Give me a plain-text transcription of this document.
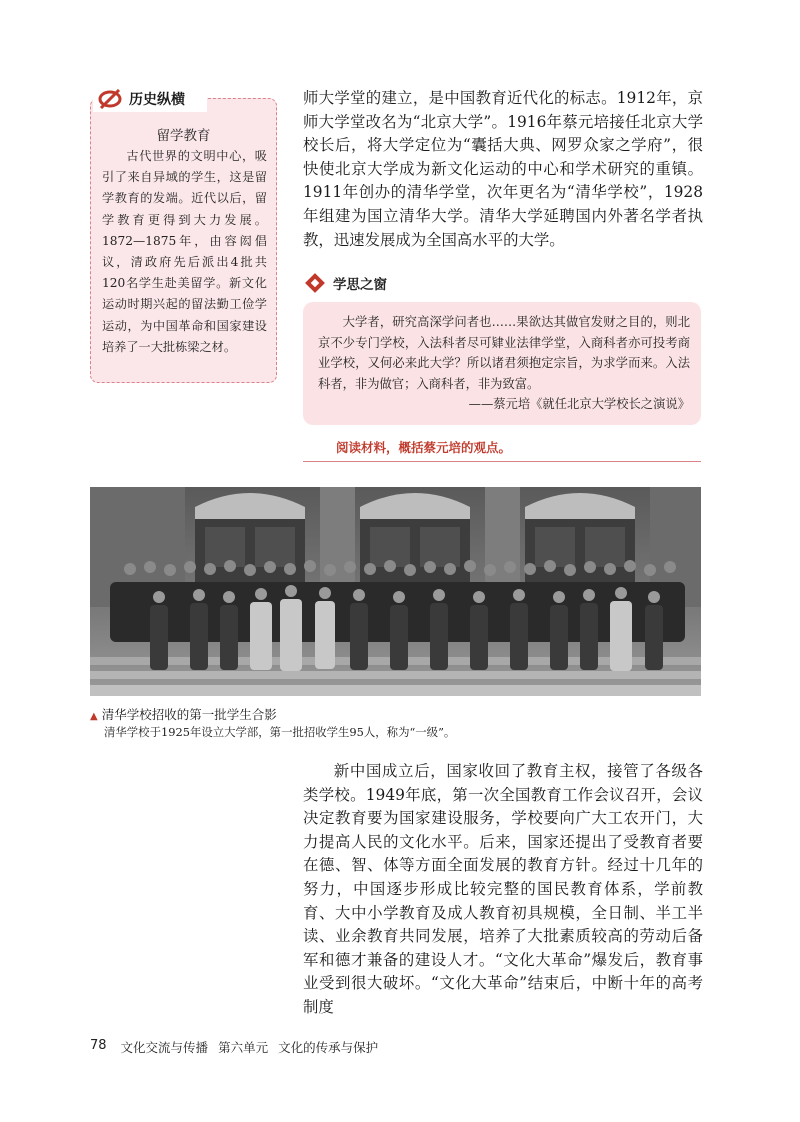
历史纵横
留学教育
古代世界的文明中心，吸引了来自异域的学生，这是留学教育的发端。近代以后，留学教育更得到大力发展。1872—1875年，由容闳倡议，清政府先后派出4批共120名学生赴美留学。新文化运动时期兴起的留法勤工俭学运动，为中国革命和国家建设培养了一大批栋梁之材。
师大学堂的建立，是中国教育近代化的标志。1912年，京师大学堂改名为“北京大学”。1916年蔡元培接任北京大学校长后，将大学定位为“囊括大典、网罗众家之学府”，很快使北京大学成为新文化运动的中心和学术研究的重镇。1911年创办的清华学堂，次年更名为“清华学校”，1928年组建为国立清华大学。清华大学延聘国内外著名学者执教，迅速发展成为全国高水平的大学。
学思之窗
大学者，研究高深学问者也……果欲达其做官发财之目的，则北京不少专门学校，入法科者尽可肄业法律学堂，入商科者亦可投考商业学校，又何必来此大学？所以诸君须抱定宗旨，为求学而来。入法科者，非为做官；入商科者，非为致富。
——蔡元培《就任北京大学校长之演说》
阅读材料，概括蔡元培的观点。
▲ 清华学校招收的第一批学生合影
清华学校于1925年设立大学部，第一批招收学生95人，称为“一级”。
新中国成立后，国家收回了教育主权，接管了各级各类学校。1949年底，第一次全国教育工作会议召开，会议决定教育要为国家建设服务，学校要向广大工农开门，大力提高人民的文化水平。后来，国家还提出了受教育者要在德、智、体等方面全面发展的教育方针。经过十几年的努力，中国逐步形成比较完整的国民教育体系，学前教育、大中小学教育及成人教育初具规模，全日制、半工半读、业余教育共同发展，培养了大批素质较高的劳动后备军和德才兼备的建设人才。“文化大革命”爆发后，教育事业受到很大破坏。“文化大革命”结束后，中断十年的高考制度
78 文化交流与传播 第六单元 文化的传承与保护
